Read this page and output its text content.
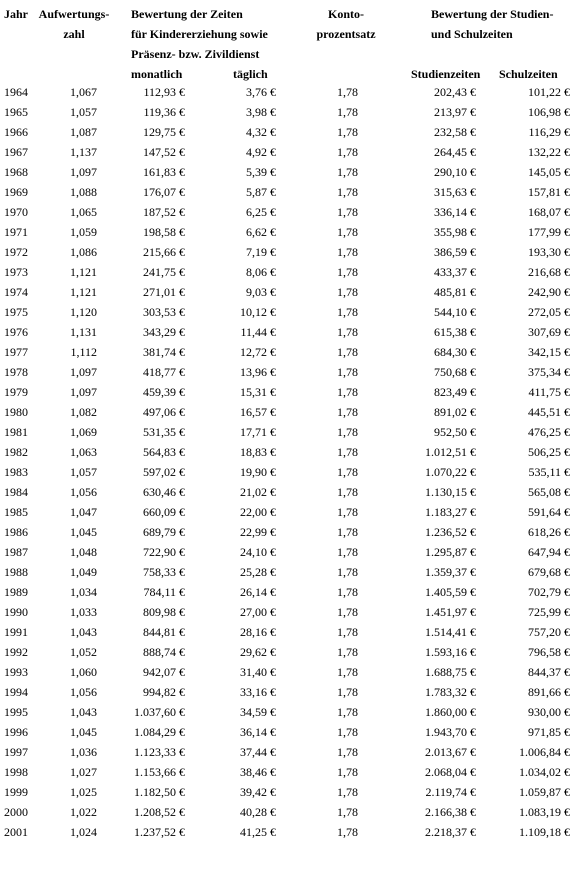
Jahr Aufwertungs-
zahl
Bewertung der Zeiten
für Kindererziehung sowie
Präsenz- bzw. Zivildienst
monatlich	täglich
Konto-
prozentsatz
Bewertung der Studien-
und Schulzeiten
Studienzeiten Schulzeiten
1964	1,067	112,93 €	3,76 €	1,78	202,43 €	101,22 €
1965	1,057	119,36 €	3,98 €	1,78	213,97 €	106,98 €
1966	1,087	129,75 €	4,32 €	1,78	232,58 €	116,29 €
1967	1,137	147,52 €	4,92 €	1,78	264,45 €	132,22 €
1968	1,097	161,83 €	5,39 €	1,78	290,10 €	145,05 €
1969	1,088	176,07 €	5,87 €	1,78	315,63 €	157,81 €
1970	1,065	187,52 €	6,25 €	1,78	336,14 €	168,07 €
1971	1,059	198,58 €	6,62 €	1,78	355,98 €	177,99 €
1972	1,086	215,66 €	7,19 €	1,78	386,59 €	193,30 €
1973	1,121	241,75 €	8,06 €	1,78	433,37 €	216,68 €
1974	1,121	271,01 €	9,03 €	1,78	485,81 €	242,90 €
1975	1,120	303,53 €	10,12 €	1,78	544,10 €	272,05 €
1976	1,131	343,29 €	11,44 €	1,78	615,38 €	307,69 €
1977	1,112	381,74 €	12,72 €	1,78	684,30 €	342,15 €
1978	1,097	418,77 €	13,96 €	1,78	750,68 €	375,34 €
1979	1,097	459,39 €	15,31 €	1,78	823,49 €	411,75 €
1980	1,082	497,06 €	16,57 €	1,78	891,02 €	445,51 €
1981	1,069	531,35 €	17,71 €	1,78	952,50 €	476,25 €
1982	1,063	564,83 €	18,83 €	1,78	1.012,51 €	506,25 €
1983	1,057	597,02 €	19,90 €	1,78	1.070,22 €	535,11 €
1984	1,056	630,46 €	21,02 €	1,78	1.130,15 €	565,08 €
1985	1,047	660,09 €	22,00 €	1,78	1.183,27 €	591,64 €
1986	1,045	689,79 €	22,99 €	1,78	1.236,52 €	618,26 €
1987	1,048	722,90 €	24,10 €	1,78	1.295,87 €	647,94 €
1988	1,049	758,33 €	25,28 €	1,78	1.359,37 €	679,68 €
1989	1,034	784,11 €	26,14 €	1,78	1.405,59 €	702,79 €
1990	1,033	809,98 €	27,00 €	1,78	1.451,97 €	725,99 €
1991	1,043	844,81 €	28,16 €	1,78	1.514,41 €	757,20 €
1992	1,052	888,74 €	29,62 €	1,78	1.593,16 €	796,58 €
1993	1,060	942,07 €	31,40 €	1,78	1.688,75 €	844,37 €
1994	1,056	994,82 €	33,16 €	1,78	1.783,32 €	891,66 €
1995	1,043	1.037,60 €	34,59 €	1,78	1.860,00 €	930,00 €
1996	1,045	1.084,29 €	36,14 €	1,78	1.943,70 €	971,85 €
1997	1,036	1.123,33 €	37,44 €	1,78	2.013,67 €	1.006,84 €
1998	1,027	1.153,66 €	38,46 €	1,78	2.068,04 €	1.034,02 €
1999	1,025	1.182,50 €	39,42 €	1,78	2.119,74 €	1.059,87 €
2000	1,022	1.208,52 €	40,28 €	1,78	2.166,38 €	1.083,19 €
2001	1,024	1.237,52 €	41,25 €	1,78	2.218,37 €	1.109,18 €
